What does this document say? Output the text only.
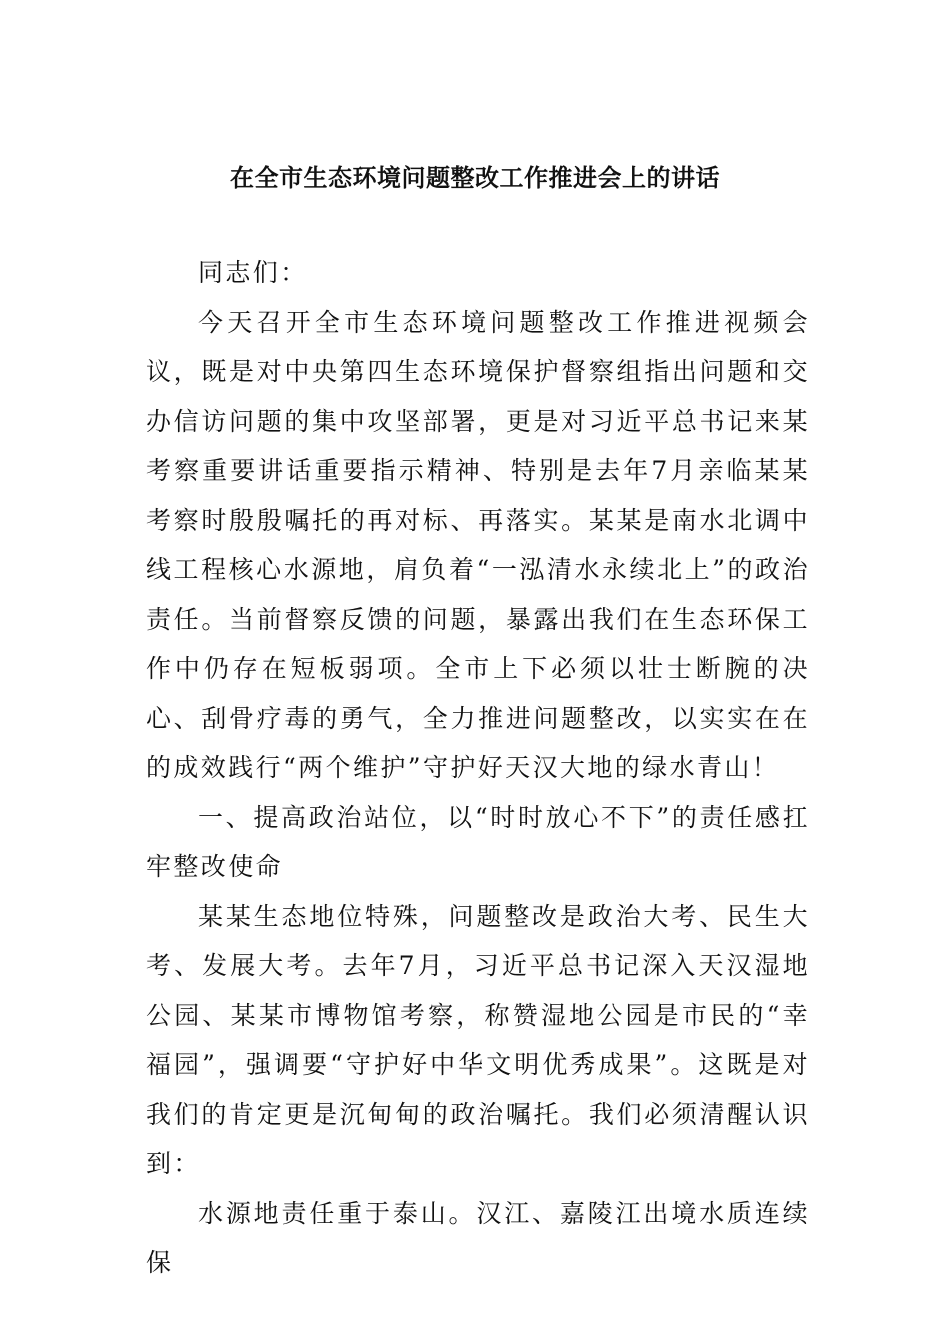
在全市生态环境问题整改工作推进会上的讲话

同志们：

今天召开全市生态环境问题整改工作推进视频会议，既是对中央第四生态环境保护督察组指出问题和交办信访问题的集中攻坚部署，更是对习近平总书记来某考察重要讲话重要指示精神、特别是去年7月亲临某某考察时殷殷嘱托的再对标、再落实。某某是南水北调中线工程核心水源地，肩负着“一泓清水永续北上”的政治责任。当前督察反馈的问题，暴露出我们在生态环保工作中仍存在短板弱项。全市上下必须以壮士断腕的决心、刮骨疗毒的勇气，全力推进问题整改，以实实在在的成效践行“两个维护”守护好天汉大地的绿水青山！

一、提高政治站位，以“时时放心不下”的责任感扛牢整改使命

某某生态地位特殊，问题整改是政治大考、民生大考、发展大考。去年7月，习近平总书记深入天汉湿地公园、某某市博物馆考察，称赞湿地公园是市民的“幸福园”，强调要“守护好中华文明优秀成果”。这既是对我们的肯定更是沉甸甸的政治嘱托。我们必须清醒认识到：

水源地责任重于泰山。汉江、嘉陵江出境水质连续保
